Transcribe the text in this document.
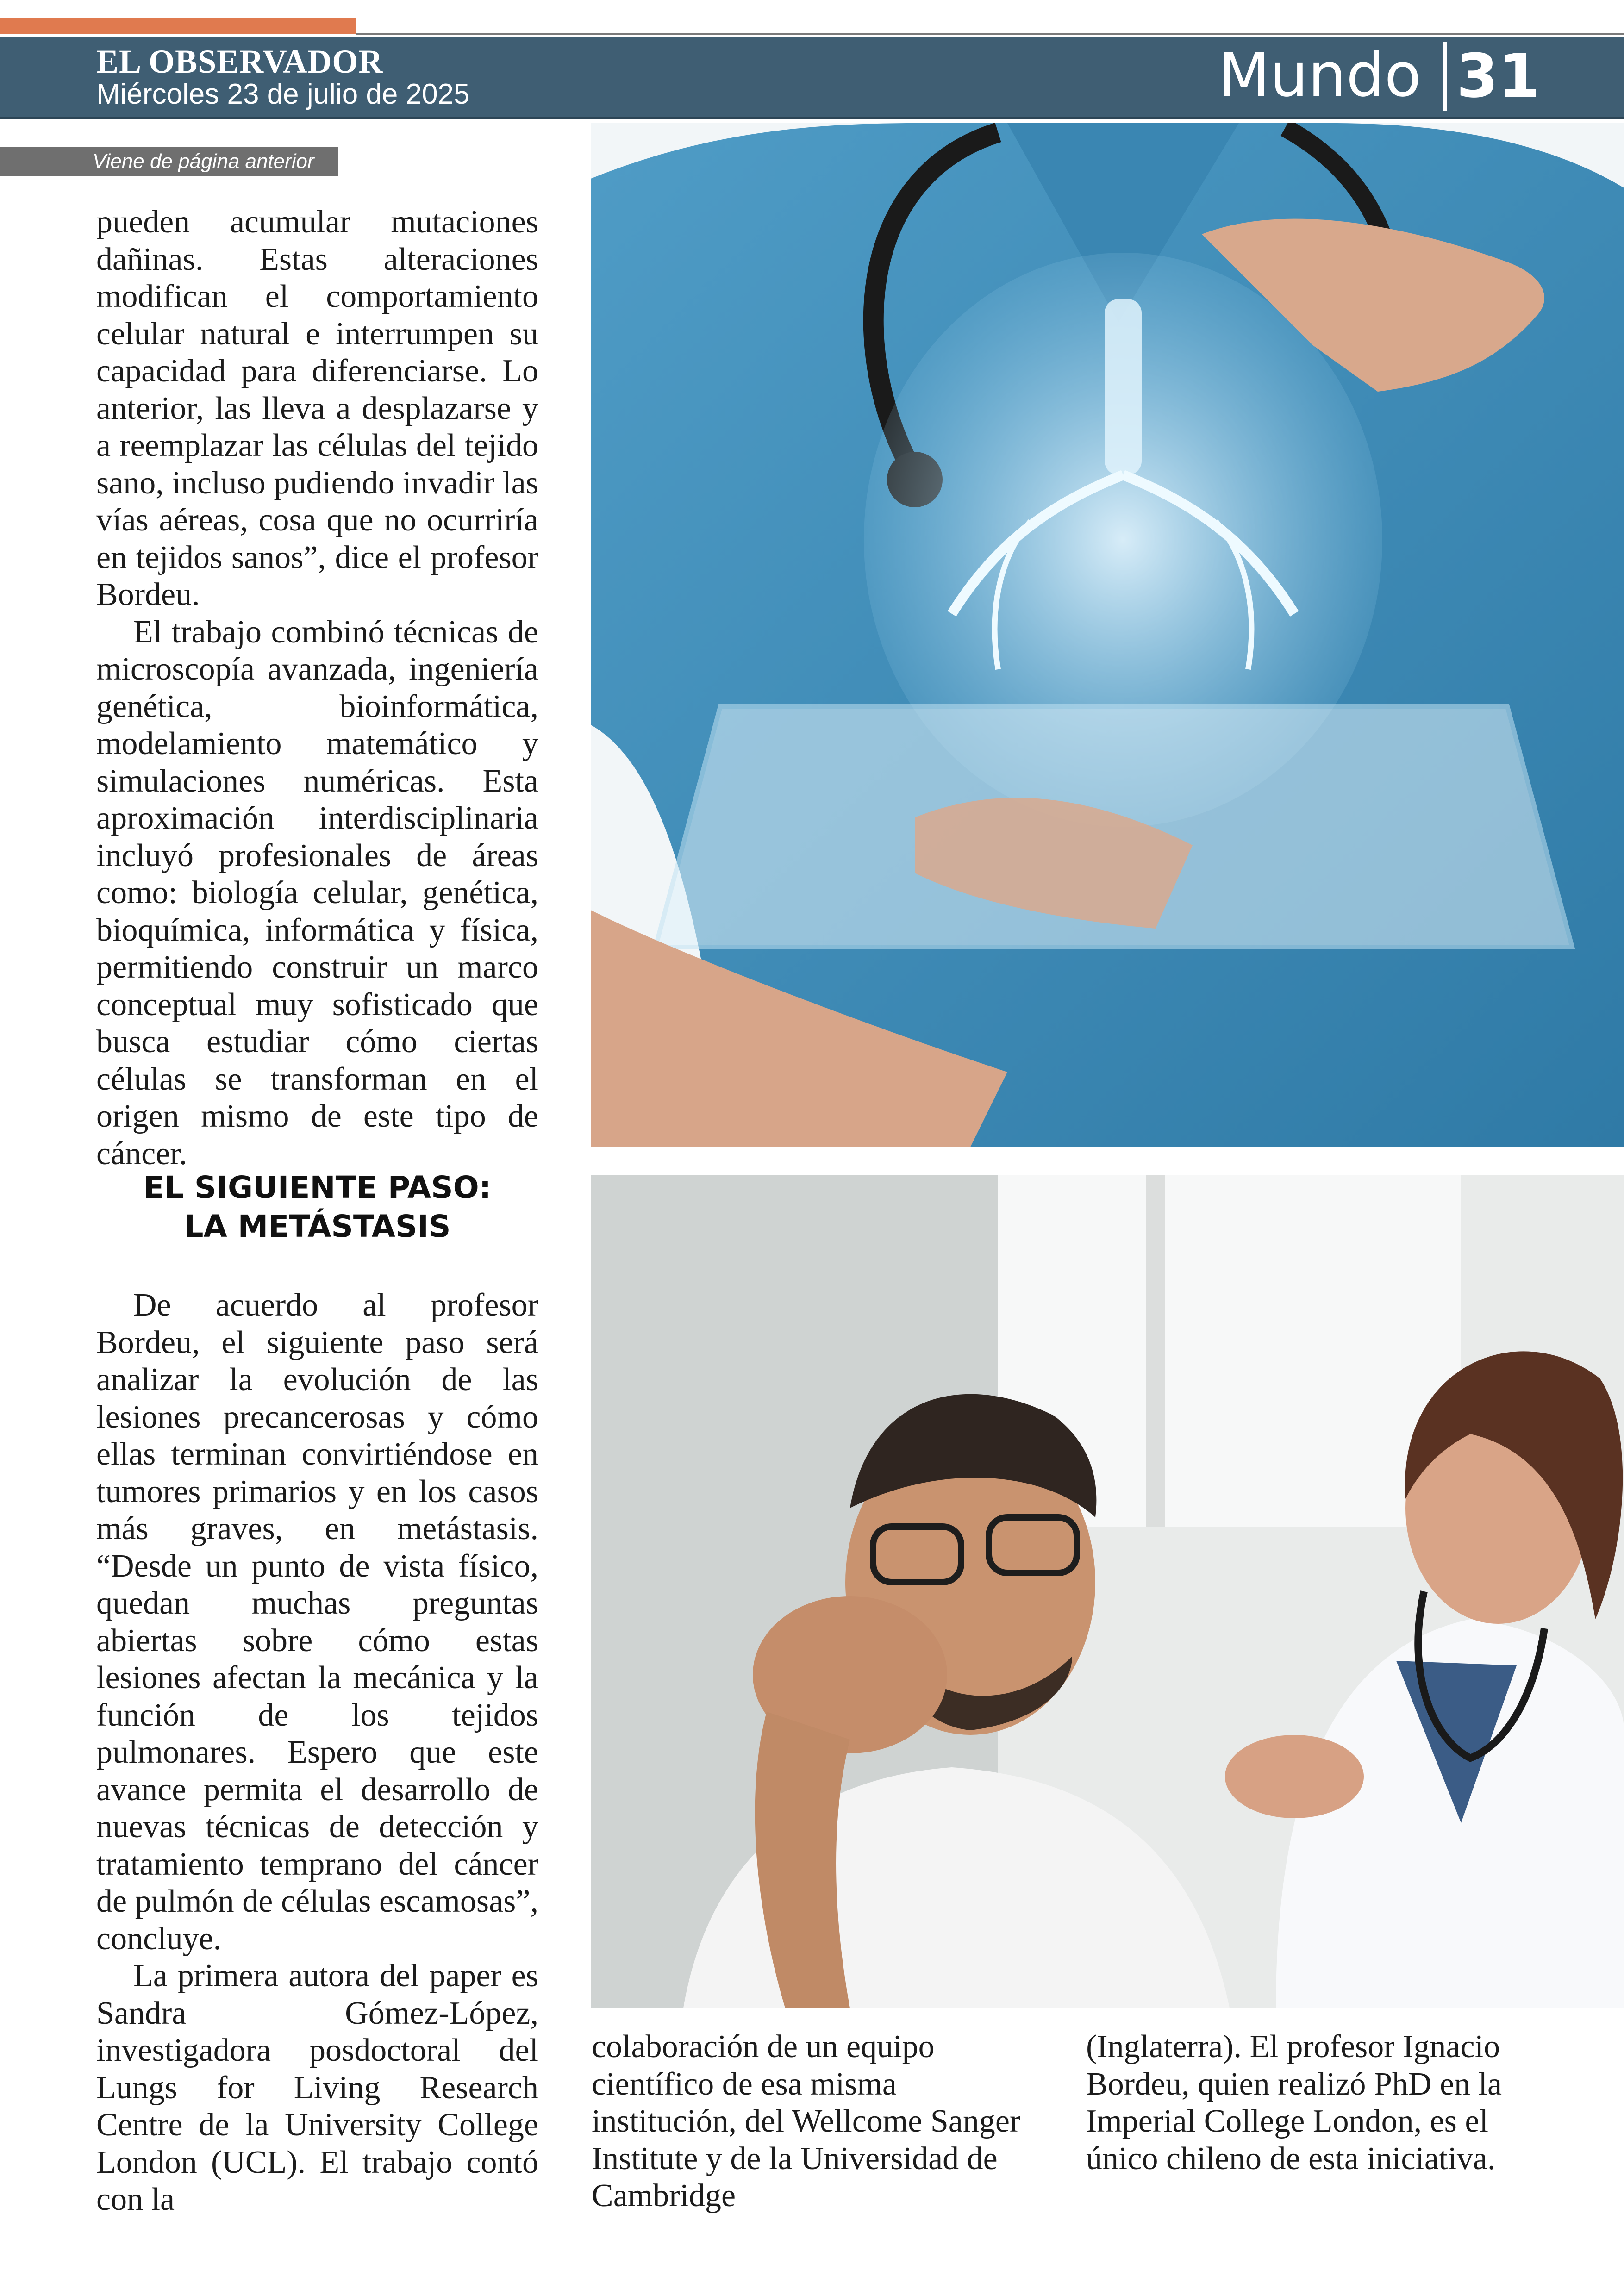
EL OBSERVADOR
Miércoles 23 de julio de 2025	Mundo 31
Viene de página anterior

pueden acumular mutaciones dañinas. Estas alteraciones modifican el comportamiento celular natural e interrumpen su capacidad para diferenciarse. Lo anterior, las lleva a desplazarse y a reemplazar las células del tejido sano, incluso pudiendo invadir las vías aéreas, cosa que no ocurriría en tejidos sanos”, dice el profesor Bordeu.

El trabajo combinó técnicas de microscopía avanzada, ingeniería genética, bioinformática, modelamiento matemático y simulaciones numéricas. Esta aproximación interdisciplinaria incluyó profesionales de áreas como: biología celular, genética, bioquímica, informática y física, permitiendo construir un marco conceptual muy sofisticado que busca estudiar cómo ciertas células se transforman en el origen mismo de este tipo de cáncer.

EL SIGUIENTE PASO:
LA METÁSTASIS

De acuerdo al profesor Bordeu, el siguiente paso será analizar la evolución de las lesiones precancerosas y cómo ellas terminan convirtiéndose en tumores primarios y en los casos más graves, en metástasis. “Desde un punto de vista físico, quedan muchas preguntas abiertas sobre cómo estas lesiones afectan la mecánica y la función de los tejidos pulmonares. Espero que este avance permita el desarrollo de nuevas técnicas de detección y tratamiento temprano del cáncer de pulmón de células escamosas”, concluye.

La primera autora del paper es Sandra Gómez-López, investigadora posdoctoral del Lungs for Living Research Centre de la University College London (UCL). El trabajo contó con la

colaboración de un equipo científico de esa misma institución, del Wellcome Sanger Institute y de la Universidad de Cambridge

(Inglaterra). El profesor Ignacio Bordeu, quien realizó PhD en la Imperial College London, es el único chileno de esta iniciativa.
